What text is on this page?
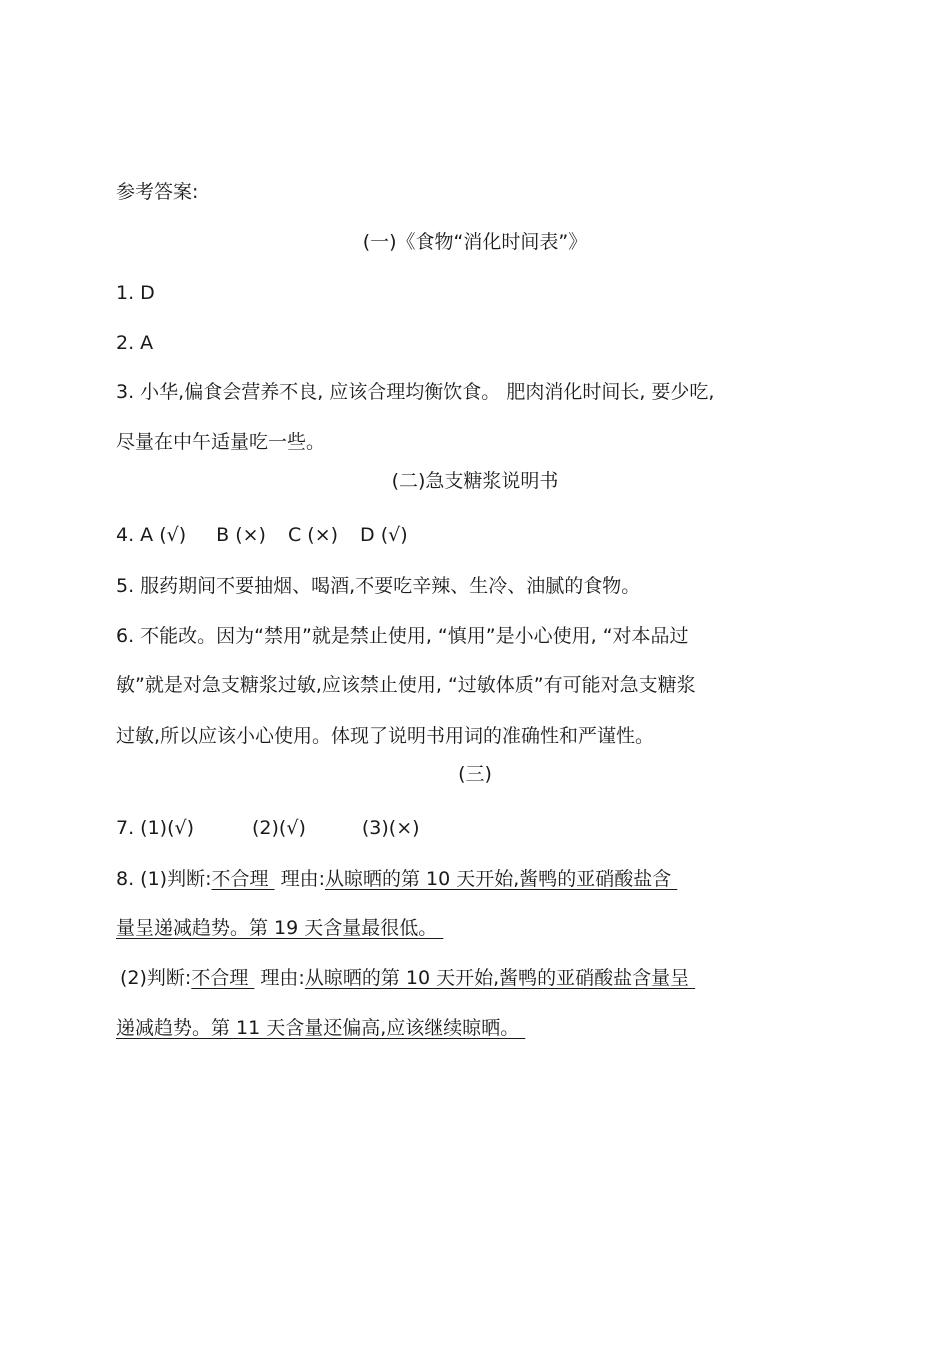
参考答案:
(一)《食物“消化时间表”》
1. D
2. A
3. 小华,偏食会营养不良, 应该合理均衡饮食。 肥肉消化时间长, 要少吃,
尽量在中午适量吃一些。
(二)急支糖浆说明书
4. A (√) B (×) C (×) D (√)
5. 服药期间不要抽烟、喝酒,不要吃辛辣、生冷、油腻的食物。
6. 不能改。因为“禁用”就是禁止使用, “慎用”是小心使用, “对本品过
敏”就是对急支糖浆过敏,应该禁止使用, “过敏体质”有可能对急支糖浆
过敏,所以应该小心使用。体现了说明书用词的准确性和严谨性。
(三)
7. (1)(√)	(2)(√)	(3)(×)
8. (1)判断:不合理  理由:从晾晒的第 10 天开始,酱鸭的亚硝酸盐含
量呈递减趋势。第 19 天含量最很低。
(2)判断:不合理  理由:从晾晒的第 10 天开始,酱鸭的亚硝酸盐含量呈
递减趋势。第 11 天含量还偏高,应该继续晾晒。
